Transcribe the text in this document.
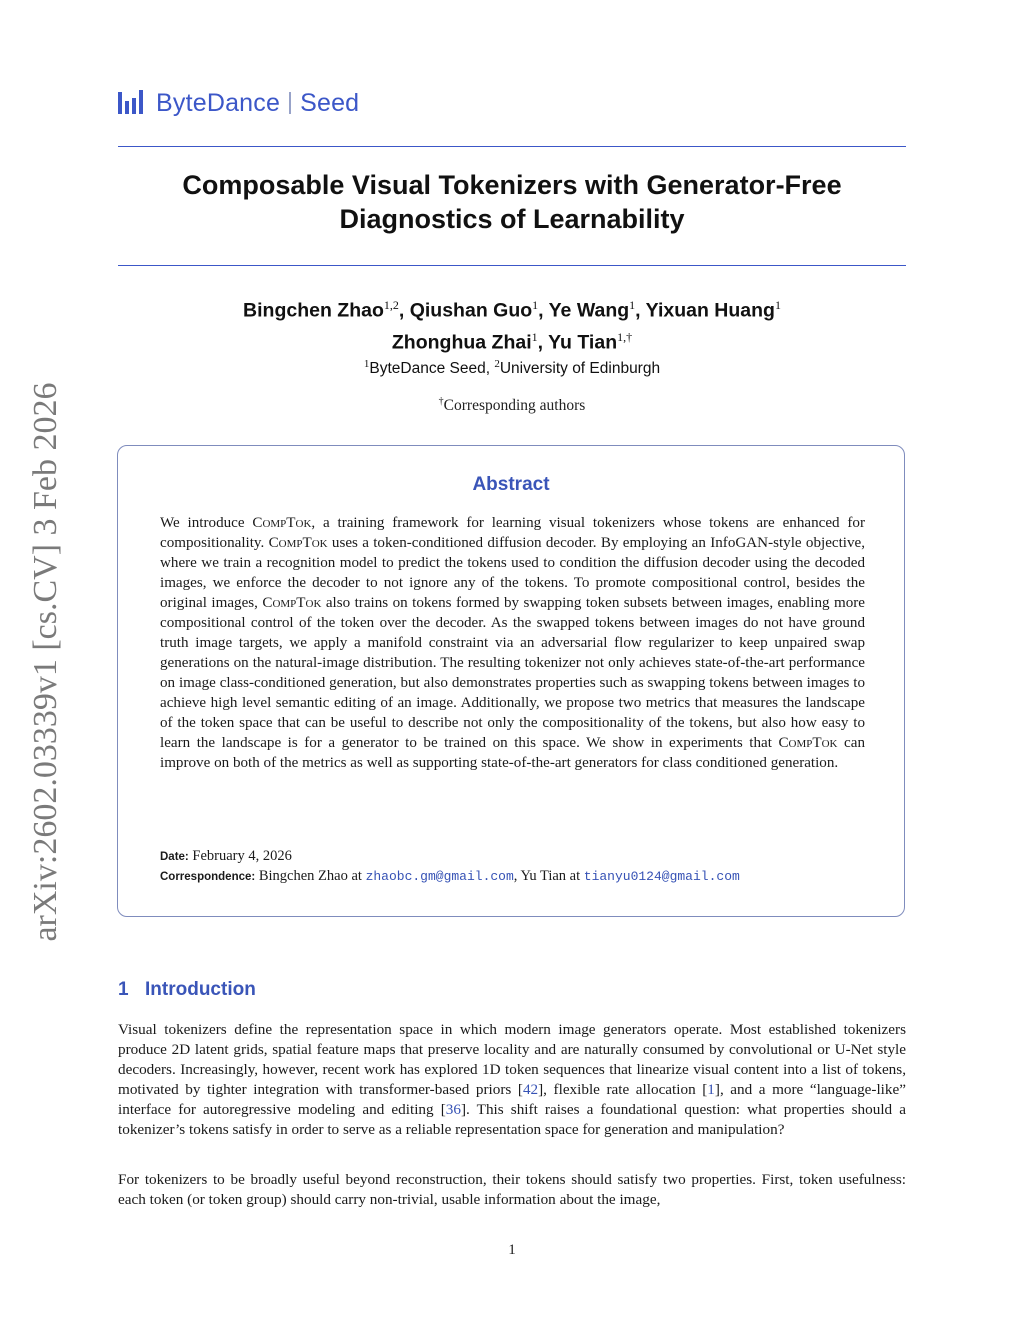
arXiv:2602.03339v1 [cs.CV] 3 Feb 2026
ByteDance Seed
Composable Visual Tokenizers with Generator-Free Diagnostics of Learnability
Bingchen Zhao$^{1,2}$, Qiushan Guo$^1$, Ye Wang$^1$, Yixuan Huang$^1$
Zhonghua Zhai$^1$, Yu Tian$^{1,\dagger}$
$^1$ByteDance Seed, $^2$University of Edinburgh
†Corresponding authors
Abstract
We introduce CompTok, a training framework for learning visual tokenizers whose tokens are enhanced for compositionality. CompTok uses a token-conditioned diffusion decoder. By employing an InfoGAN-style objective, where we train a recognition model to predict the tokens used to condition the diffusion decoder using the decoded images, we enforce the decoder to not ignore any of the tokens. To promote compositional control, besides the original images, CompTok also trains on tokens formed by swapping token subsets between images, enabling more compositional control of the token over the decoder. As the swapped tokens between images do not have ground truth image targets, we apply a manifold constraint via an adversarial flow regularizer to keep unpaired swap generations on the natural-image distribution. The resulting tokenizer not only achieves state-of-the-art performance on image class-conditioned generation, but also demonstrates properties such as swapping tokens between images to achieve high level semantic editing of an image. Additionally, we propose two metrics that measures the landscape of the token space that can be useful to describe not only the compositionality of the tokens, but also how easy to learn the landscape is for a generator to be trained on this space. We show in experiments that CompTok can improve on both of the metrics as well as supporting state-of-the-art generators for class conditioned generation.
Date: February 4, 2026
Correspondence: Bingchen Zhao at zhaobc.gm@gmail.com, Yu Tian at tianyu0124@gmail.com
1 Introduction
Visual tokenizers define the representation space in which modern image generators operate. Most established tokenizers produce 2D latent grids, spatial feature maps that preserve locality and are naturally consumed by convolutional or U-Net style decoders. Increasingly, however, recent work has explored 1D token sequences that linearize visual content into a list of tokens, motivated by tighter integration with transformer-based priors [42], flexible rate allocation [1], and a more “language-like” interface for autoregressive modeling and editing [36]. This shift raises a foundational question: what properties should a tokenizer’s tokens satisfy in order to serve as a reliable representation space for generation and manipulation?
For tokenizers to be broadly useful beyond reconstruction, their tokens should satisfy two properties. First, token usefulness: each token (or token group) should carry non-trivial, usable information about the image,
1
